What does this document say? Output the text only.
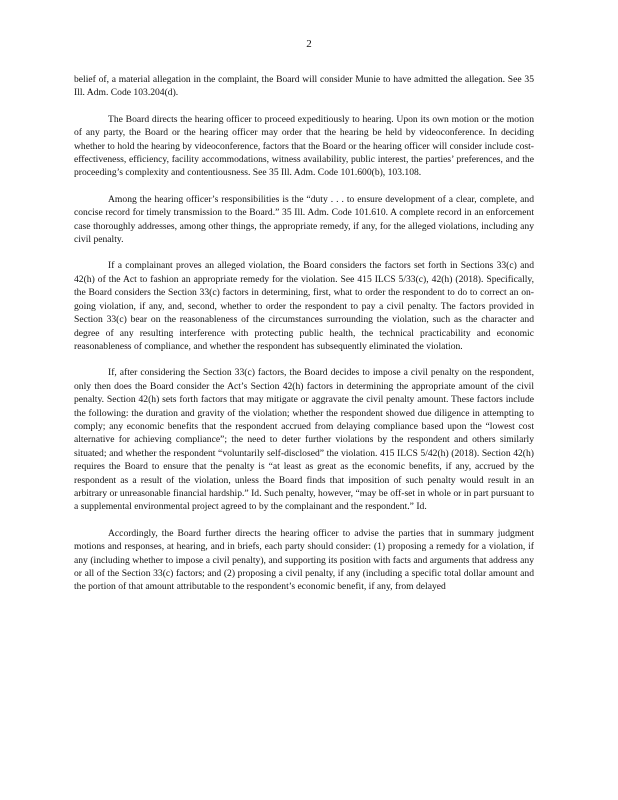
2

belief of, a material allegation in the complaint, the Board will consider Munie to have admitted the allegation. See 35 Ill. Adm. Code 103.204(d).

The Board directs the hearing officer to proceed expeditiously to hearing. Upon its own motion or the motion of any party, the Board or the hearing officer may order that the hearing be held by videoconference. In deciding whether to hold the hearing by videoconference, factors that the Board or the hearing officer will consider include cost-effectiveness, efficiency, facility accommodations, witness availability, public interest, the parties’ preferences, and the proceeding’s complexity and contentiousness. See 35 Ill. Adm. Code 101.600(b), 103.108.

Among the hearing officer’s responsibilities is the “duty . . . to ensure development of a clear, complete, and concise record for timely transmission to the Board.” 35 Ill. Adm. Code 101.610. A complete record in an enforcement case thoroughly addresses, among other things, the appropriate remedy, if any, for the alleged violations, including any civil penalty.

If a complainant proves an alleged violation, the Board considers the factors set forth in Sections 33(c) and 42(h) of the Act to fashion an appropriate remedy for the violation. See 415 ILCS 5/33(c), 42(h) (2018). Specifically, the Board considers the Section 33(c) factors in determining, first, what to order the respondent to do to correct an on-going violation, if any, and, second, whether to order the respondent to pay a civil penalty. The factors provided in Section 33(c) bear on the reasonableness of the circumstances surrounding the violation, such as the character and degree of any resulting interference with protecting public health, the technical practicability and economic reasonableness of compliance, and whether the respondent has subsequently eliminated the violation.

If, after considering the Section 33(c) factors, the Board decides to impose a civil penalty on the respondent, only then does the Board consider the Act’s Section 42(h) factors in determining the appropriate amount of the civil penalty. Section 42(h) sets forth factors that may mitigate or aggravate the civil penalty amount. These factors include the following: the duration and gravity of the violation; whether the respondent showed due diligence in attempting to comply; any economic benefits that the respondent accrued from delaying compliance based upon the “lowest cost alternative for achieving compliance”; the need to deter further violations by the respondent and others similarly situated; and whether the respondent “voluntarily self-disclosed” the violation. 415 ILCS 5/42(h) (2018). Section 42(h) requires the Board to ensure that the penalty is “at least as great as the economic benefits, if any, accrued by the respondent as a result of the violation, unless the Board finds that imposition of such penalty would result in an arbitrary or unreasonable financial hardship.” Id. Such penalty, however, “may be off-set in whole or in part pursuant to a supplemental environmental project agreed to by the complainant and the respondent.” Id.

Accordingly, the Board further directs the hearing officer to advise the parties that in summary judgment motions and responses, at hearing, and in briefs, each party should consider: (1) proposing a remedy for a violation, if any (including whether to impose a civil penalty), and supporting its position with facts and arguments that address any or all of the Section 33(c) factors; and (2) proposing a civil penalty, if any (including a specific total dollar amount and the portion of that amount attributable to the respondent’s economic benefit, if any, from delayed
